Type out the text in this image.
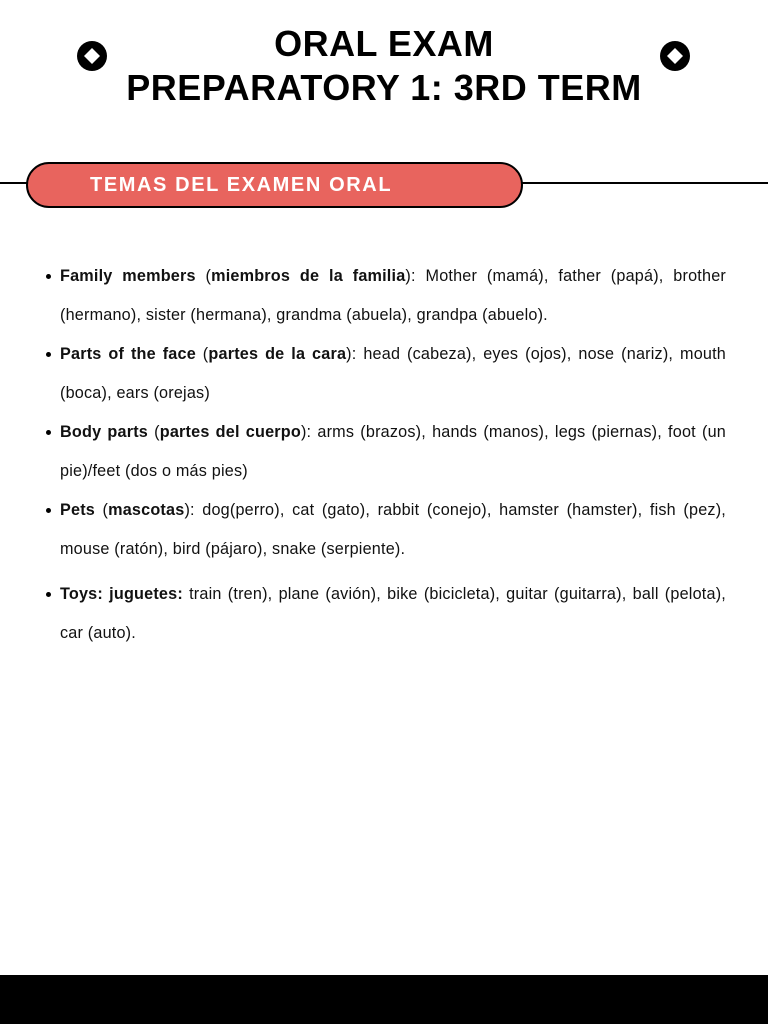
ORAL EXAM
PREPARATORY 1: 3RD TERM
TEMAS DEL EXAMEN ORAL
Family members (miembros de la familia): Mother (mamá), father (papá), brother (hermano), sister (hermana), grandma (abuela), grandpa (abuelo).
Parts of the face (partes de la cara): head (cabeza), eyes (ojos), nose (nariz), mouth (boca), ears (orejas)
Body parts (partes del cuerpo): arms (brazos), hands (manos), legs (piernas), foot (un pie)/feet (dos o más pies)
Pets (mascotas): dog(perro), cat (gato), rabbit (conejo), hamster (hamster), fish (pez), mouse (ratón), bird (pájaro), snake (serpiente).
Toys: juguetes: train (tren), plane (avión), bike (bicicleta), guitar (guitarra), ball (pelota), car (auto).
